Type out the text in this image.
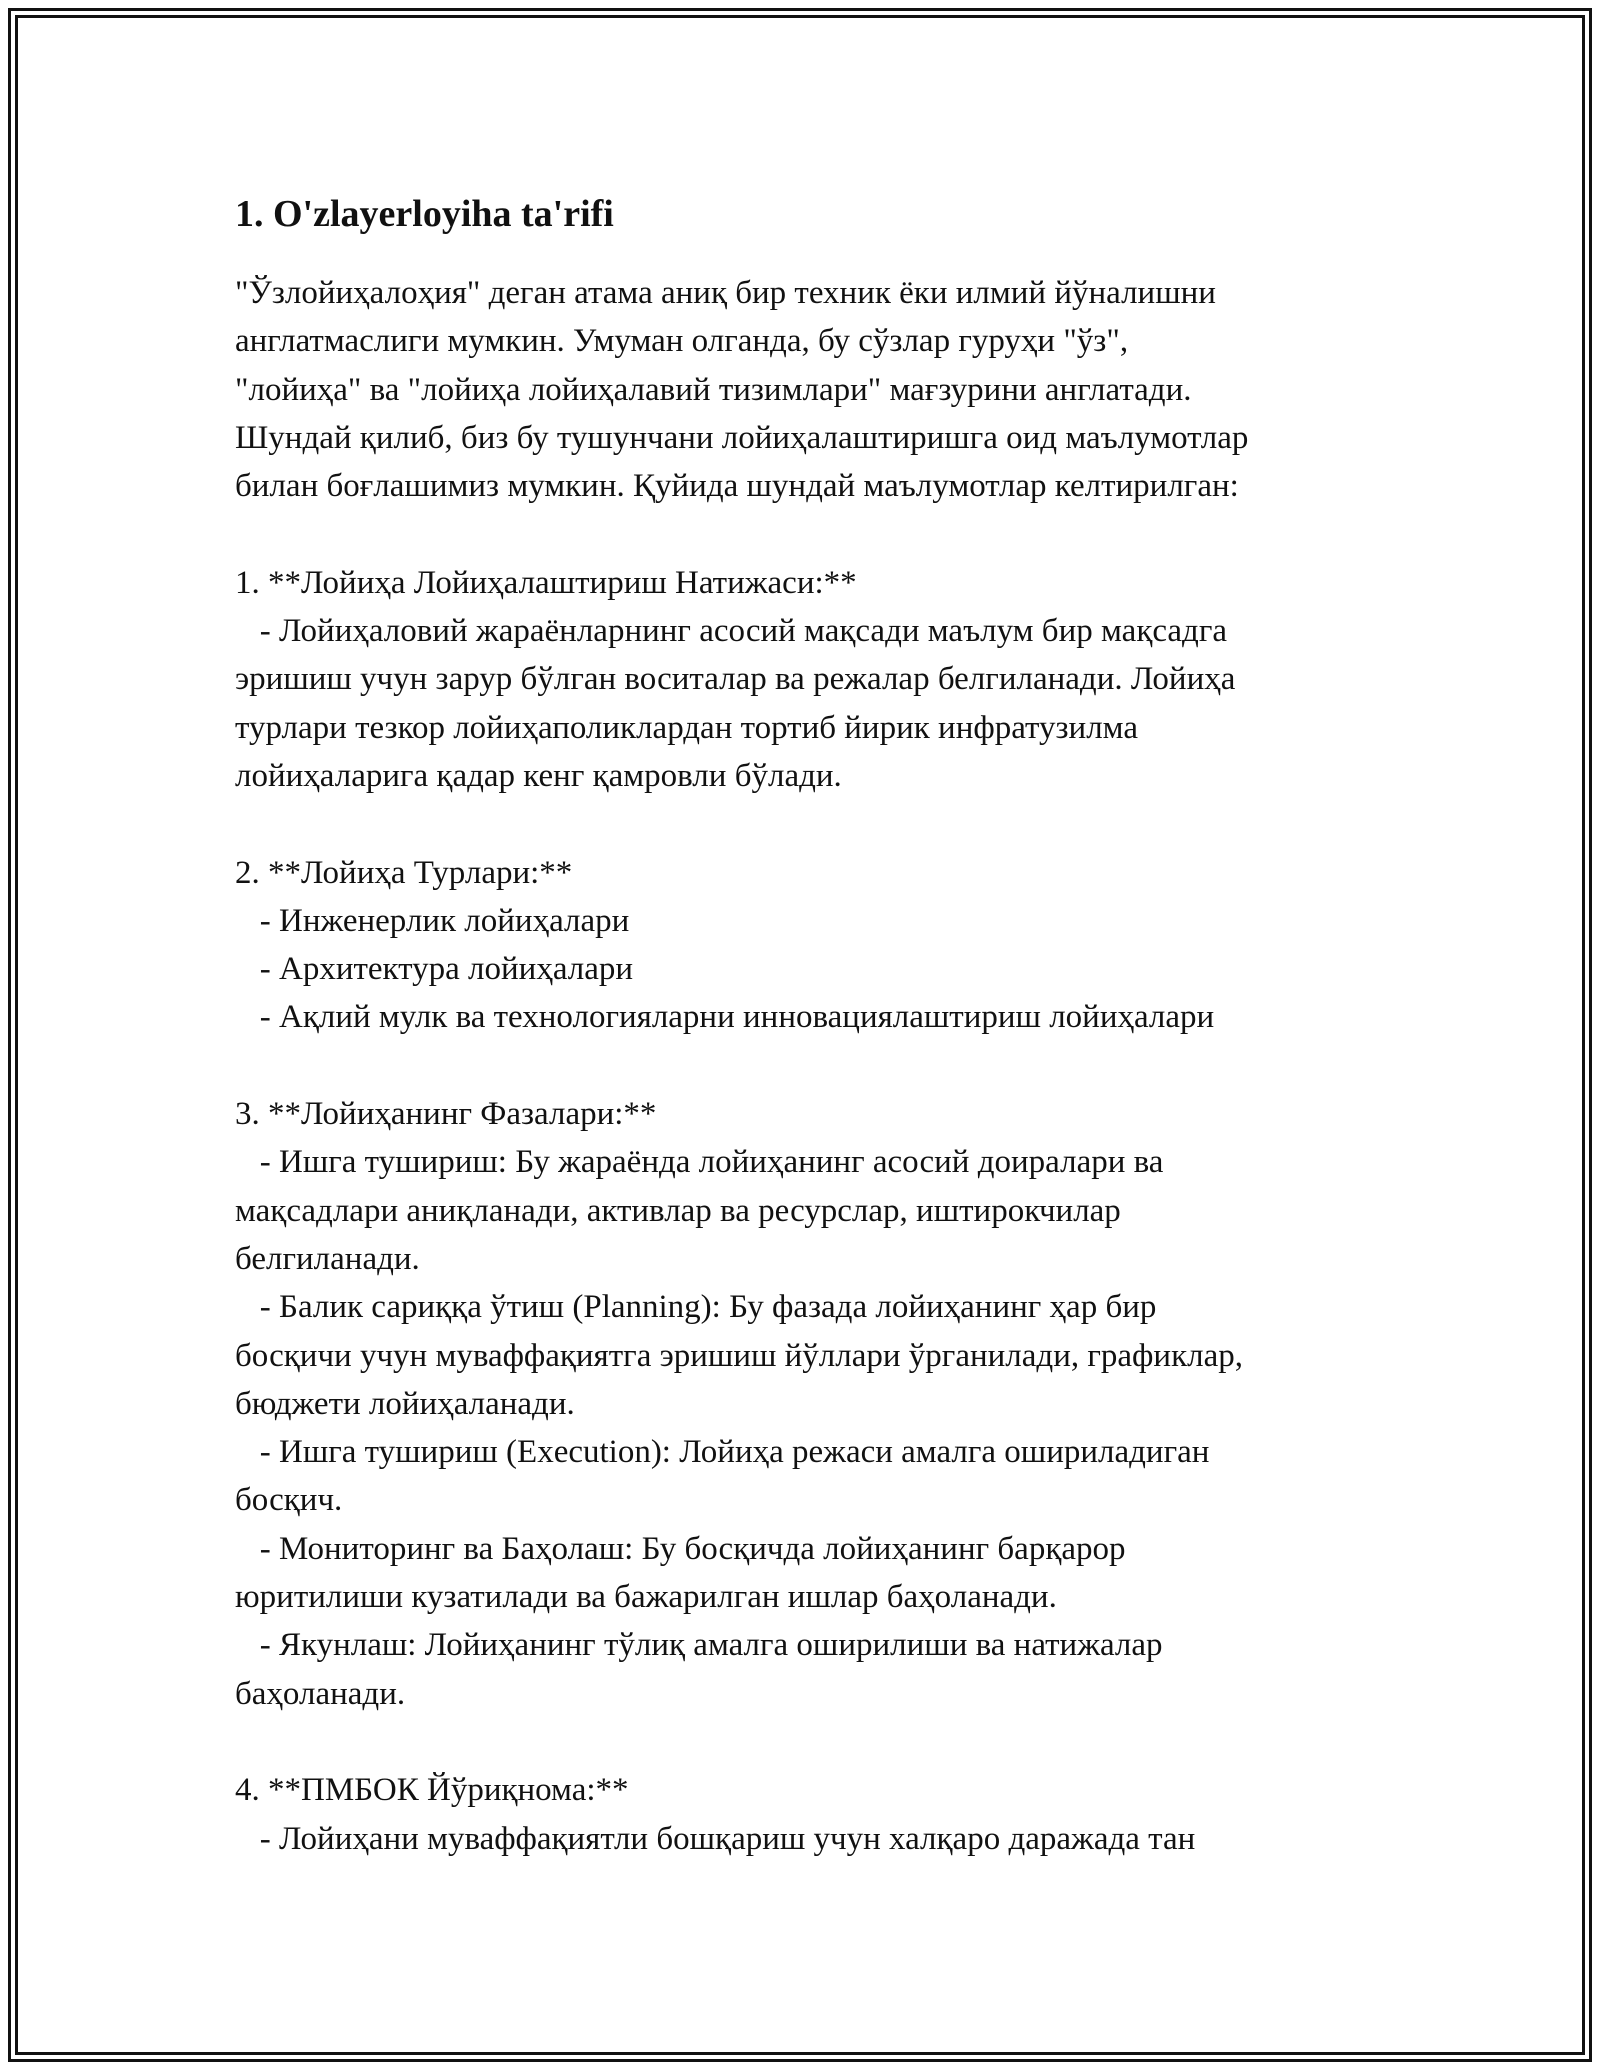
1. O'zlayerloyiha ta'rifi
"Ўзлойиҳалоҳия" деган атама аниқ бир техник ёки илмий йўналишни
англатмаслиги мумкин. Умуман олганда, бу сўзлар гуруҳи "ўз",
"лойиҳа" ва "лойиҳа лойиҳалавий тизимлари" мағзурини англатади.
Шундай қилиб, биз бу тушунчани лойиҳалаштиришга оид маълумотлар
билан боғлашимиз мумкин. Қуйида шундай маълумотлар келтирилган:
1. **Лойиҳа Лойиҳалаштириш Натижаси:**
- Лойиҳаловий жараёнларнинг асосий мақсади маълум бир мақсадга
эришиш учун зарур бўлган воситалар ва режалар белгиланади. Лойиҳа
турлари тезкор лойиҳаполиклардан тортиб йирик инфратузилма
лойиҳаларига қадар кенг қамровли бўлади.
2. **Лойиҳа Турлари:**
- Инженерлик лойиҳалари
- Архитектура лойиҳалари
- Ақлий мулк ва технологияларни инновациялаштириш лойиҳалари
3. **Лойиҳанинг Фазалари:**
- Ишга тушириш: Бу жараёнда лойиҳанинг асосий доиралари ва
мақсадлари аниқланади, активлар ва ресурслар, иштирокчилар
белгиланади.
- Балик сариққа ўтиш (Planning): Бу фазада лойиҳанинг ҳар бир
босқичи учун муваффақиятга эришиш йўллари ўрганилади, графиклар,
бюджети лойиҳаланади.
- Ишга тушириш (Execution): Лойиҳа режаси амалга ошириладиган
босқич.
- Мониторинг ва Баҳолаш: Бу босқичда лойиҳанинг барқарор
юритилиши кузатилади ва бажарилган ишлар баҳоланади.
- Якунлаш: Лойиҳанинг тўлиқ амалга оширилиши ва натижалар
баҳоланади.
4. **ПМБОК Йўриқнома:**
- Лойиҳани муваффақиятли бошқариш учун халқаро даражада тан
